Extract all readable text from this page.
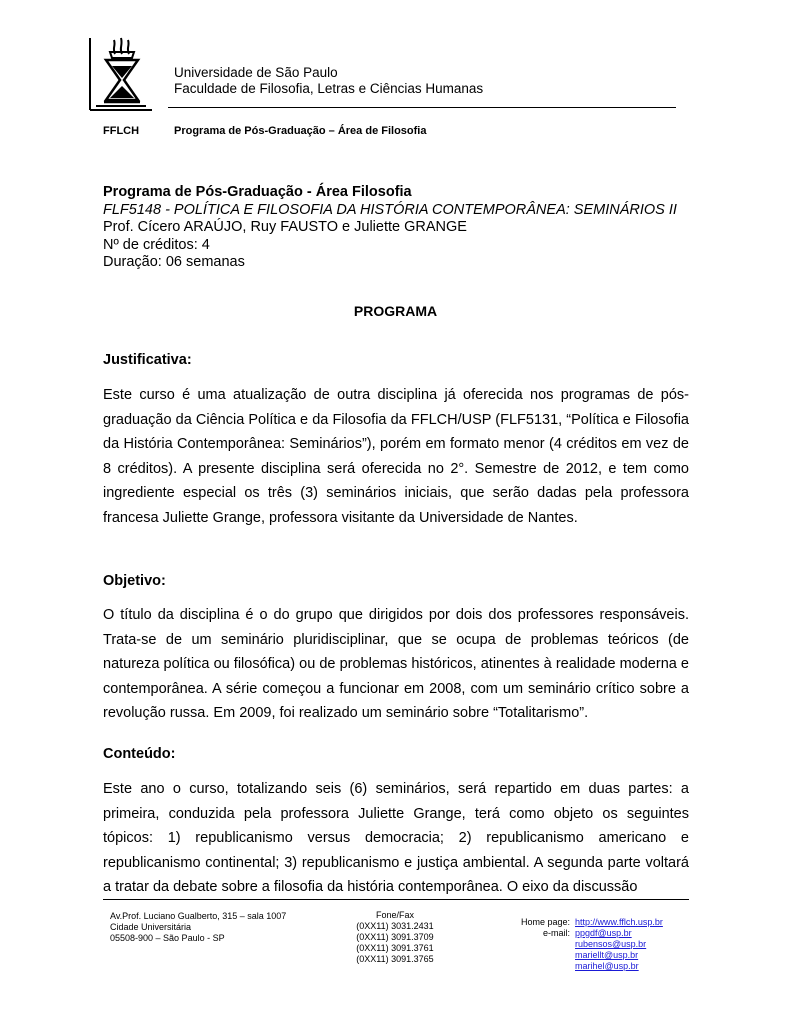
Universidade de São Paulo
Faculdade de Filosofia, Letras e Ciências Humanas
FFLCH	Programa de Pós-Graduação – Área de Filosofia
Programa de Pós-Graduação - Área Filosofia
FLF5148 - POLÍTICA E FILOSOFIA DA HISTÓRIA CONTEMPORÂNEA: SEMINÁRIOS II
Prof. Cícero ARAÚJO, Ruy FAUSTO e Juliette GRANGE
Nº de créditos: 4
Duração: 06 semanas
PROGRAMA
Justificativa:
Este curso é uma atualização de outra disciplina já oferecida nos programas de pós-graduação da Ciência Política e da Filosofia da FFLCH/USP (FLF5131, “Política e Filosofia da História Contemporânea: Seminários”), porém em formato menor (4 créditos em vez de 8 créditos). A presente disciplina será oferecida no 2°. Semestre de 2012, e tem como ingrediente especial os três (3) seminários iniciais, que serão dadas pela professora francesa Juliette Grange, professora visitante da Universidade de Nantes.
Objetivo:
O título da disciplina é o do grupo que dirigidos por dois dos professores responsáveis. Trata-se de um seminário pluridisciplinar, que se ocupa de problemas teóricos (de natureza política ou filosófica) ou de problemas históricos, atinentes à realidade moderna e contemporânea. A série começou a funcionar em 2008, com um seminário crítico sobre a revolução russa. Em 2009, foi realizado um seminário sobre “Totalitarismo”.
Conteúdo:
Este ano o curso, totalizando seis (6) seminários, será repartido em duas partes: a primeira, conduzida pela professora Juliette Grange, terá como objeto os seguintes tópicos: 1) republicanismo versus democracia; 2) republicanismo americano e republicanismo continental; 3) republicanismo e justiça ambiental. A segunda parte voltará a tratar da debate sobre a filosofia da história contemporânea. O eixo da discussão
Av.Prof. Luciano Gualberto, 315 – sala 1007
Cidade Universitária
05508-900 – São Paulo - SP
Fone/Fax
(0XX11) 3031.2431
(0XX11) 3091.3709
(0XX11) 3091.3761
(0XX11) 3091.3765
Home page:
e-mail:
http://www.fflch.usp.br
ppgdf@usp.br
rubensos@usp.br
mariellt@usp.br
marihel@usp.br
